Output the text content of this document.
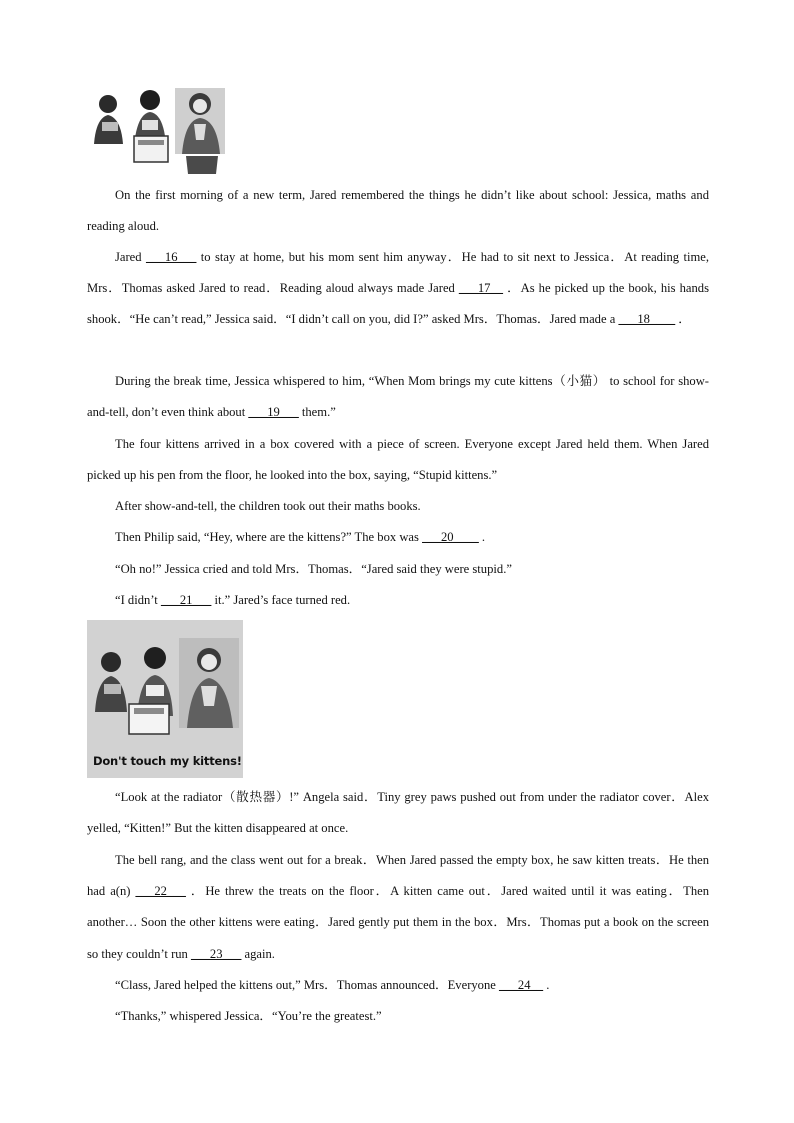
On the first morning of a new term, Jared remembered the things he didn’t like about school: Jessica, maths and reading aloud.

Jared ___16___ to stay at home, but his mom sent him anyway．He had to sit next to Jessica．At reading time, Mrs．Thomas asked Jared to read．Reading aloud always made Jared ___17__ ．As he picked up the book, his hands shook．“He can’t read,” Jessica said．“I didn’t call on you, did I?” asked Mrs．Thomas．Jared made a ___18____ ．

During the break time, Jessica whispered to him, “When Mom brings my cute kittens（小猫） to school for show-and-tell, don’t even think about ___19___ them.”

The four kittens arrived in a box covered with a piece of screen. Everyone except Jared held them. When Jared picked up his pen from the floor, he looked into the box, saying, “Stupid kittens.”

After show-and-tell, the children took out their maths books.

Then Philip said, “Hey, where are the kittens?” The box was ___20____ .

“Oh no!” Jessica cried and told Mrs．Thomas．“Jared said they were stupid.”

“I didn’t ___21___ it.” Jared’s face turned red.

Don't touch my kittens!

“Look at the radiator（散热器）!” Angela said．Tiny grey paws pushed out from under the radiator cover．Alex yelled, “Kitten!” But the kitten disappeared at once.

The bell rang, and the class went out for a break．When Jared passed the empty box, he saw kitten treats．He then had a(n) ___22___ ．He threw the treats on the floor．A kitten came out．Jared waited until it was eating．Then another… Soon the other kittens were eating．Jared gently put them in the box．Mrs．Thomas put a book on the screen so they couldn’t run ___23___ again.

“Class, Jared helped the kittens out,” Mrs．Thomas announced．Everyone ___24__ .

“Thanks,” whispered Jessica．“You’re the greatest.”
